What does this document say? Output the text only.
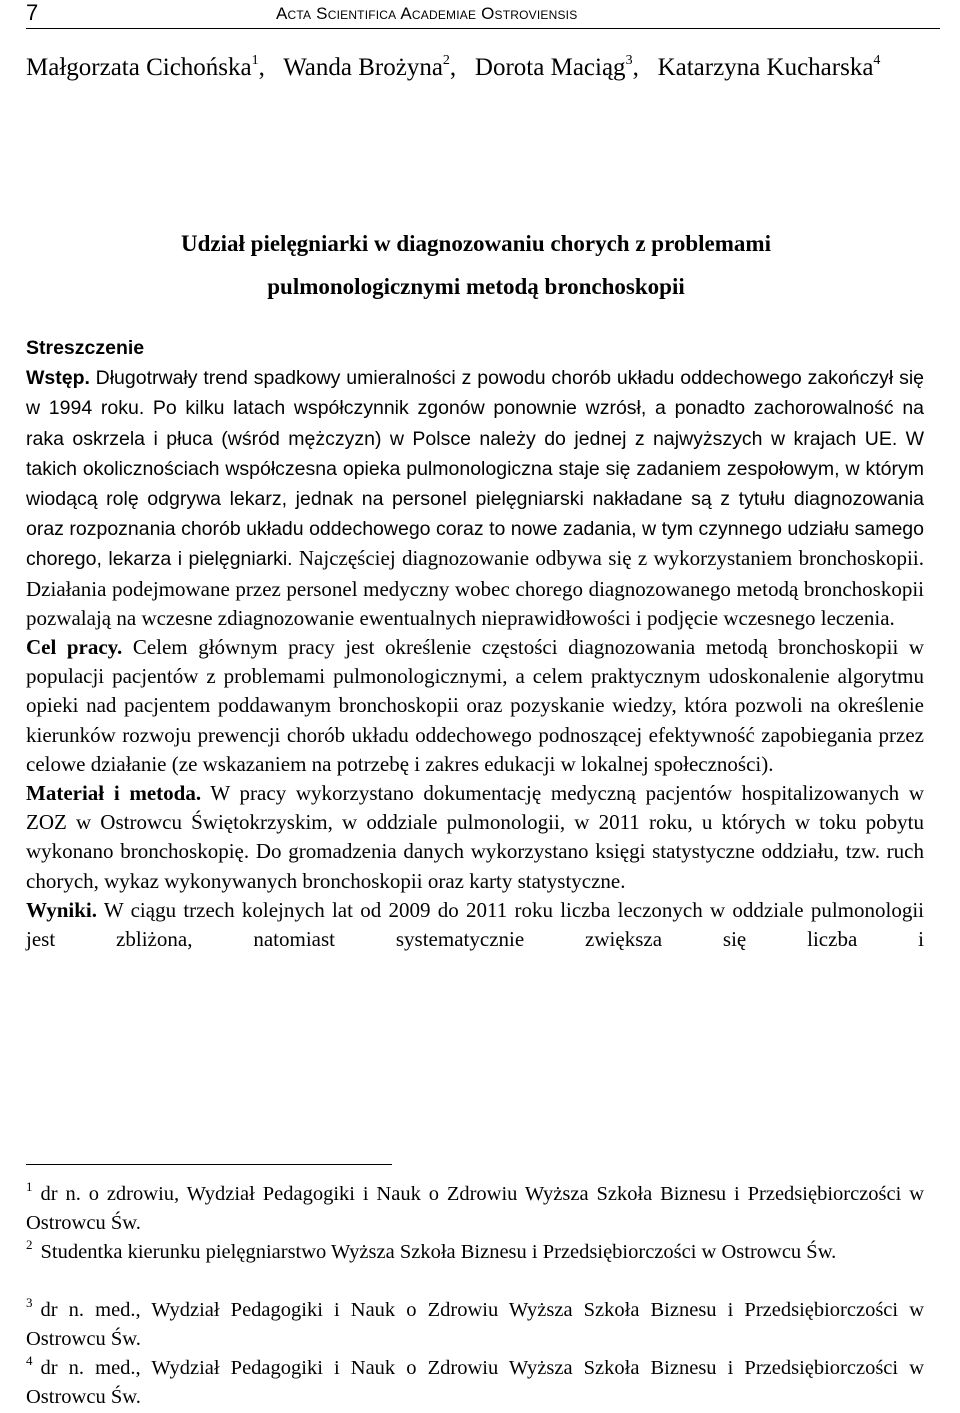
7	Acta Scientifica Academiae Ostroviensis
Małgorzata Cichońska$^1$,   Wanda Brożyna$^2$,   Dorota Maciąg$^3$,   Katarzyna Kucharska$^4$
Udział pielęgniarki w diagnozowaniu chorych z problemami
pulmonologicznymi metodą bronchoskopii
Streszczenie
Wstęp. Długotrwały trend spadkowy umieralności z powodu chorób układu oddechowego zakończył się w 1994 roku. Po kilku latach współczynnik zgonów ponownie wzrósł, a ponadto zachorowalność na raka oskrzela i płuca (wśród mężczyzn) w Polsce należy do jednej z najwyższych w krajach UE. W takich okolicznościach współczesna opieka pulmonologiczna staje się zadaniem zespołowym, w którym wiodącą rolę odgrywa lekarz, jednak na personel pielęgniarski nakładane są z tytułu diagnozowania oraz rozpoznania chorób układu oddechowego coraz to nowe zadania, w tym czynnego udziału samego chorego, lekarza i pielęgniarki. Najczęściej diagnozowanie odbywa się z wykorzystaniem bronchoskopii. Działania podejmowane przez personel medyczny wobec chorego diagnozowanego metodą bronchoskopii pozwalają na wczesne zdiagnozowanie ewentualnych nieprawidłowości i podjęcie wczesnego leczenia.
Cel pracy. Celem głównym pracy jest określenie częstości diagnozowania metodą bronchoskopii w populacji pacjentów z problemami pulmonologicznymi, a celem praktycznym udoskonalenie algorytmu opieki nad pacjentem poddawanym bronchoskopii oraz pozyskanie wiedzy, która pozwoli na określenie kierunków rozwoju prewencji chorób układu oddechowego podnoszącej efektywność zapobiegania przez celowe działanie (ze wskazaniem na potrzebę i zakres edukacji w lokalnej społeczności).
Materiał i metoda. W pracy wykorzystano dokumentację medyczną pacjentów hospitalizowanych w ZOZ w Ostrowcu Świętokrzyskim, w oddziale pulmonologii, w 2011 roku, u których w toku pobytu wykonano bronchoskopię. Do gromadzenia danych wykorzystano księgi statystyczne oddziału, tzw. ruch chorych, wykaz wykonywanych bronchoskopii oraz karty statystyczne.
Wyniki. W ciągu trzech kolejnych lat od 2009 do 2011 roku liczba leczonych w oddziale pulmonologii jest zbliżona, natomiast systematycznie zwiększa się liczba i
$^1$ dr n. o zdrowiu, Wydział Pedagogiki i Nauk o Zdrowiu Wyższa Szkoła Biznesu i Przedsiębiorczości w Ostrowcu Św.
$^2$ Studentka kierunku pielęgniarstwo Wyższa Szkoła Biznesu i Przedsiębiorczości w Ostrowcu Św.
$^3$ dr n. med., Wydział Pedagogiki i Nauk o Zdrowiu Wyższa Szkoła Biznesu i Przedsiębiorczości w Ostrowcu Św.
$^4$ dr n. med., Wydział Pedagogiki i Nauk o Zdrowiu Wyższa Szkoła Biznesu i Przedsiębiorczości w Ostrowcu Św.
